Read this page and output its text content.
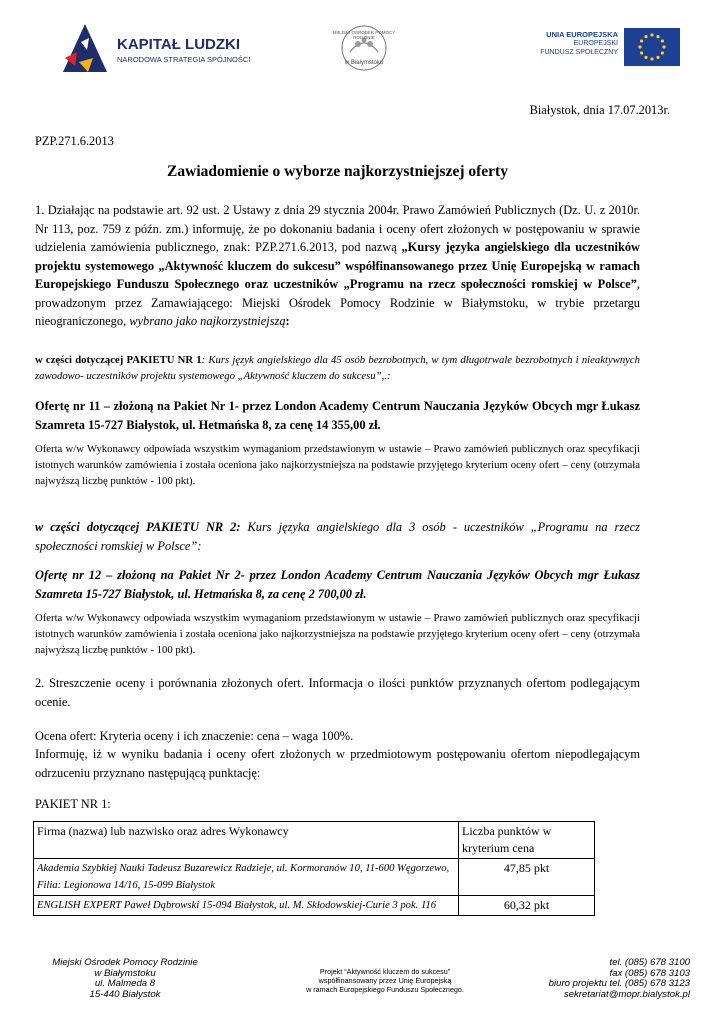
KAPITAŁ LUDZKI
NARODOWA STRATEGIA SPÓJNOŚCI
MIEJSKI OŚRODEK POMOCY RODZINIE
w Białymstoku
UNIA EUROPEJSKA
EUROPEJSKI
FUNDUSZ SPOŁECZNY
Białystok, dnia 17.07.2013r.
PZP.271.6.2013
Zawiadomienie o wyborze najkorzystniejszej oferty
1. Działając na podstawie art. 92 ust. 2 Ustawy z dnia 29 stycznia 2004r. Prawo Zamówień Publicznych (Dz. U. z 2010r. Nr 113, poz. 759 z późn. zm.) informuję, że po dokonaniu badania i oceny ofert złożonych w postępowaniu w sprawie udzielenia zamówienia publicznego, znak: PZP.271.6.2013, pod nazwą „Kursy języka angielskiego dla uczestników projektu systemowego „Aktywność kluczem do sukcesu” współfinansowanego przez Unię Europejską w ramach Europejskiego Funduszu Społecznego oraz uczestników „Programu na rzecz społeczności romskiej w Polsce”, prowadzonym przez Zamawiającego: Miejski Ośrodek Pomocy Rodzinie w Białymstoku, w trybie przetargu nieograniczonego, wybrano jako najkorzystniejszą:
w części dotyczącej PAKIETU NR 1: Kurs język angielskiego dla 45 osób bezrobotnych, w tym długotrwale bezrobotnych i nieaktywnych zawodowo- uczestników projektu systemowego „Aktywność kluczem do sukcesu”,.:
Ofertę nr 11 – złożoną na Pakiet Nr 1- przez London Academy Centrum Nauczania Języków Obcych mgr Łukasz Szamreta 15-727 Białystok, ul. Hetmańska 8, za cenę 14 355,00 zł.
Oferta w/w Wykonawcy odpowiada wszystkim wymaganiom przedstawionym w ustawie – Prawo zamówień publicznych oraz specyfikacji istotnych warunków zamówienia i została oceniona jako najkorzystniejsza na podstawie przyjętego kryterium oceny ofert – ceny (otrzymała najwyższą liczbę punktów - 100 pkt).
w części dotyczącej PAKIETU NR 2: Kurs języka angielskiego dla 3 osób - uczestników „Programu na rzecz społeczności romskiej w Polsce”:
Ofertę nr 12 – złożoną na Pakiet Nr 2- przez London Academy Centrum Nauczania Języków Obcych mgr Łukasz Szamreta 15-727 Białystok, ul. Hetmańska 8, za cenę 2 700,00 zł.
Oferta w/w Wykonawcy odpowiada wszystkim wymaganiom przedstawionym w ustawie – Prawo zamówień publicznych oraz specyfikacji istotnych warunków zamówienia i została oceniona jako najkorzystniejsza na podstawie przyjętego kryterium oceny ofert – ceny (otrzymała najwyższą liczbę punktów - 100 pkt).
2. Streszczenie oceny i porównania złożonych ofert. Informacja o ilości punktów przyznanych ofertom podlegającym ocenie.
Ocena ofert: Kryteria oceny i ich znaczenie: cena – waga 100%.
Informuję, iż w wyniku badania i oceny ofert złożonych w przedmiotowym postępowaniu ofertom niepodlegającym odrzuceniu przyznano następującą punktację:
PAKIET NR 1:
Firma (nazwa) lub nazwisko oraz adres Wykonawcy	Liczba punktów w kryterium cena
Akademia Szybkiej Nauki Tadeusz Buzarewicz Radzieje, ul. Kormoranów 10, 11-600 Węgorzewo, Filia: Legionowa 14/16, 15-099 Białystok	47,85 pkt
ENGLISH EXPERT Paweł Dąbrowski 15-094 Białystok, ul. M. Skłodowskiej-Curie 3 pok. 116	60,32 pkt
Miejski Ośrodek Pomocy Rodzinie
w Białymstoku
ul. Malmeda 8
15-440 Białystok
Projekt “Aktywność kluczem do sukcesu”
współfinansowany przez Unię Europejską
w ramach Europejskiego Funduszu Społecznego.
tel. (085) 678 3100
fax (085) 678 3103
biuro projektu tel. (085) 678 3123
sekretariat@mopr.bialystok.pl
